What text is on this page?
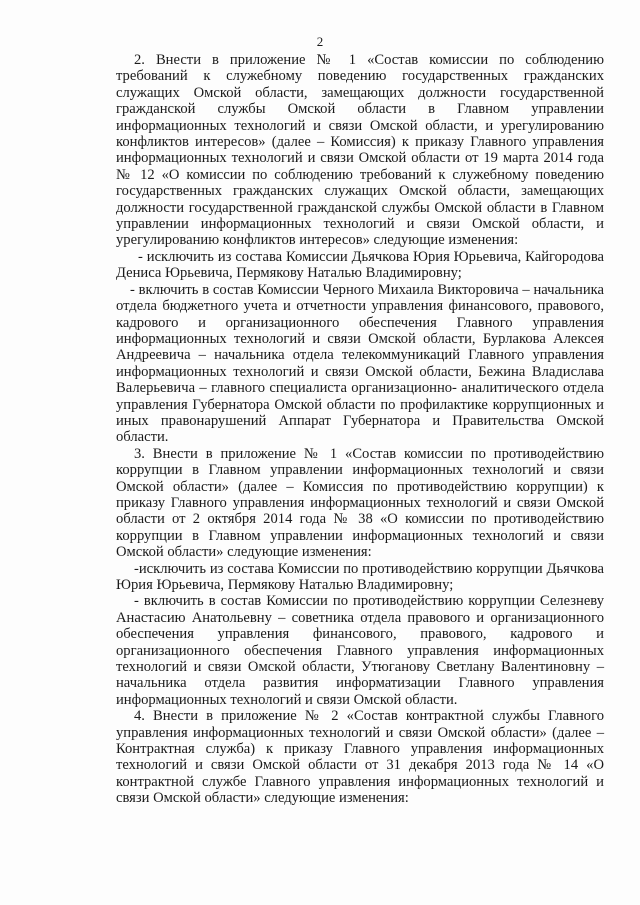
2

2. Внести в приложение № 1 «Состав комиссии по соблюдению требований к служебному поведению государственных гражданских служащих Омской области, замещающих должности государственной гражданской службы Омской области в Главном управлении информационных технологий и связи Омской области, и урегулированию конфликтов интересов» (далее – Комиссия) к приказу Главного управления информационных технологий и связи Омской области от 19 марта 2014 года № 12 «О комиссии по соблюдению требований к служебному поведению государственных гражданских служащих Омской области, замещающих должности государственной гражданской службы Омской области в Главном управлении информационных технологий и связи Омской области, и урегулированию конфликтов интересов» следующие изменения:

- исключить из состава Комиссии Дьячкова Юрия Юрьевича, Кайгородова Дениса Юрьевича, Пермякову Наталью Владимировну;

- включить в состав Комиссии Черного Михаила Викторовича – начальника отдела бюджетного учета и отчетности управления финансового, правового, кадрового и организационного обеспечения Главного управления информационных технологий и связи Омской области, Бурлакова Алексея Андреевича – начальника отдела телекоммуникаций Главного управления информационных технологий и связи Омской области, Бежина Владислава Валерьевича – главного специалиста организационно- аналитического отдела управления Губернатора Омской области по профилактике коррупционных и иных правонарушений Аппарат Губернатора и Правительства Омской области.

3. Внести в приложение № 1 «Состав комиссии по противодействию коррупции в Главном управлении информационных технологий и связи Омской области» (далее – Комиссия по противодействию коррупции) к приказу Главного управления информационных технологий и связи Омской области от 2 октября 2014 года № 38 «О комиссии по противодействию коррупции в Главном управлении информационных технологий и связи Омской области» следующие изменения:

-исключить из состава Комиссии по противодействию коррупции Дьячкова Юрия Юрьевича, Пермякову Наталью Владимировну;

- включить в состав Комиссии по противодействию коррупции Селезневу Анастасию Анатольевну – советника отдела правового и организационного обеспечения управления финансового, правового, кадрового и организационного обеспечения Главного управления информационных технологий и связи Омской области, Утюганову Светлану Валентиновну – начальника отдела развития информатизации Главного управления информационных технологий и связи Омской области.

4. Внести в приложение № 2 «Состав контрактной службы Главного управления информационных технологий и связи Омской области» (далее – Контрактная служба) к приказу Главного управления информационных технологий и связи Омской области от 31 декабря 2013 года № 14 «О контрактной службе Главного управления информационных технологий и связи Омской области» следующие изменения:
